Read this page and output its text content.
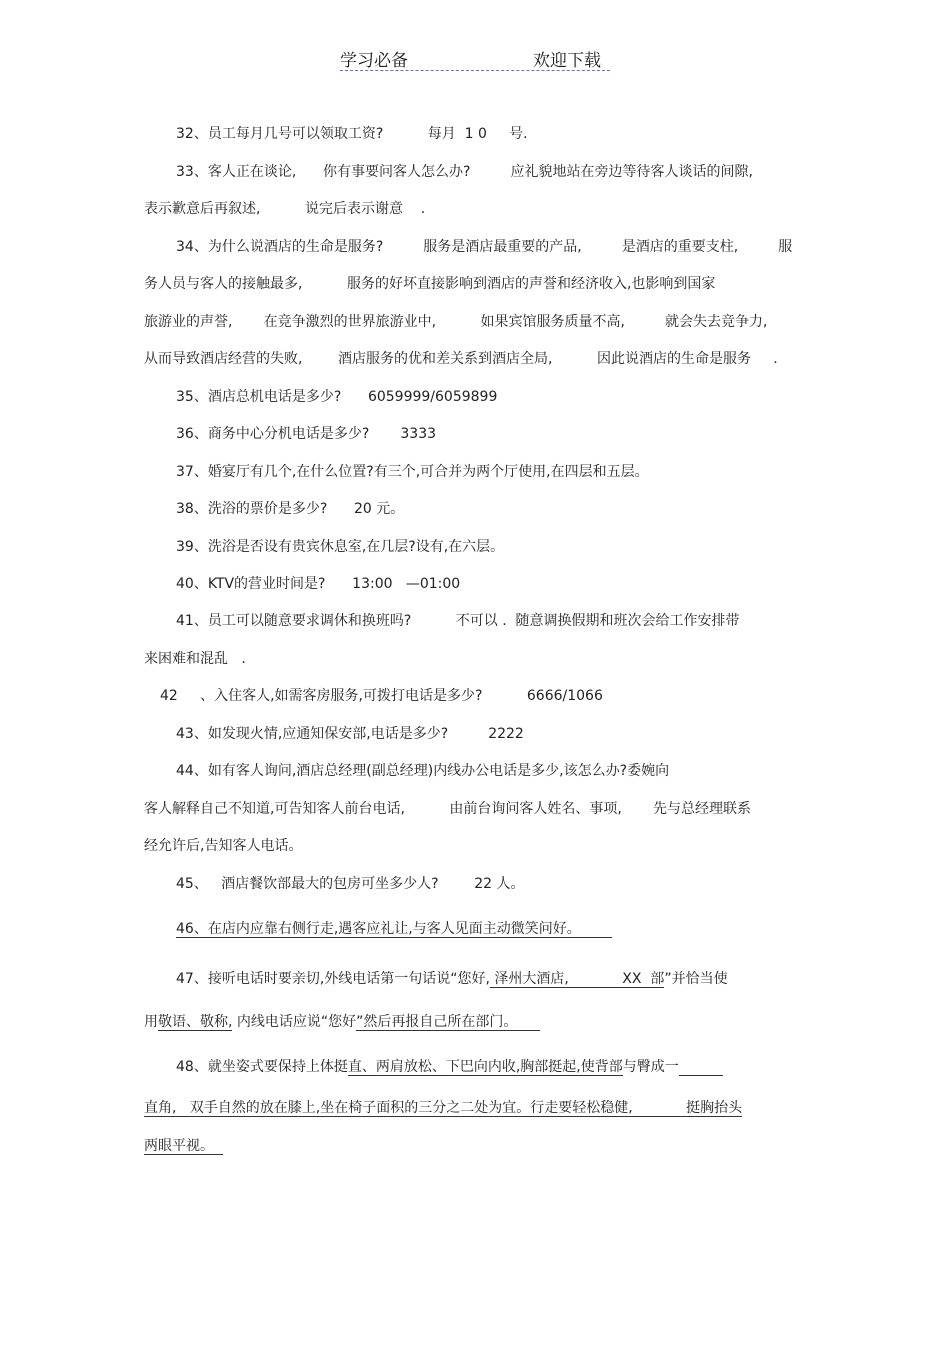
学习必备	欢迎下载
32、员工每月几号可以领取工资?          每月  1 0     号.
33、客人正在谈论,      你有事要问客人怎么办?         应礼貌地站在旁边等待客人谈话的间隙,
表示歉意后再叙述,          说完后表示谢意    .
34、为什么说酒店的生命是服务?         服务是酒店最重要的产品,         是酒店的重要支柱,         服
务人员与客人的接触最多,          服务的好坏直接影响到酒店的声誉和经济收入,也影响到国家
旅游业的声誉,       在竞争激烈的世界旅游业中,          如果宾馆服务质量不高,         就会失去竞争力,
从而导致酒店经营的失败,        酒店服务的优和差关系到酒店全局,          因此说酒店的生命是服务     .
35、酒店总机电话是多少?      6059999/6059899
36、商务中心分机电话是多少?       3333
37、婚宴厅有几个,在什么位置?有三个,可合并为两个厅使用,在四层和五层。
38、洗浴的票价是多少?      20 元。
39、洗浴是否设有贵宾休息室,在几层?设有,在六层。
40、KTV的营业时间是?      13:00   —01:00
41、员工可以随意要求调休和换班吗?          不可以 .  随意调换假期和班次会给工作安排带
来困难和混乱   .
42     、入住客人,如需客房服务,可拨打电话是多少?          6666/1066
43、如发现火情,应通知保安部,电话是多少?         2222
44、如有客人询问,酒店总经理(副总经理)内线办公电话是多少,该怎么办?委婉向
客人解释自己不知道,可告知客人前台电话,          由前台询问客人姓名、事项,       先与总经理联系
经允许后,告知客人电话。
45、   酒店餐饮部最大的包房可坐多少人?        22 人。
46、在店内应靠右侧行走,遇客应礼让,与客人见面主动微笑问好。
47、接听电话时要亲切,外线电话第一句话说“您好, 泽州大酒店,            XX  部”并恰当使
用敬语、敬称, 内线电话应说“您好”然后再报自己所在部门。
48、就坐姿式要保持上体挺直、两肩放松、下巴向内收,胸部挺起,使背部与臀成一
直角,   双手自然的放在膝上,坐在椅子面积的三分之二处为宜。行走要轻松稳健,            挺胸抬头
两眼平视。
